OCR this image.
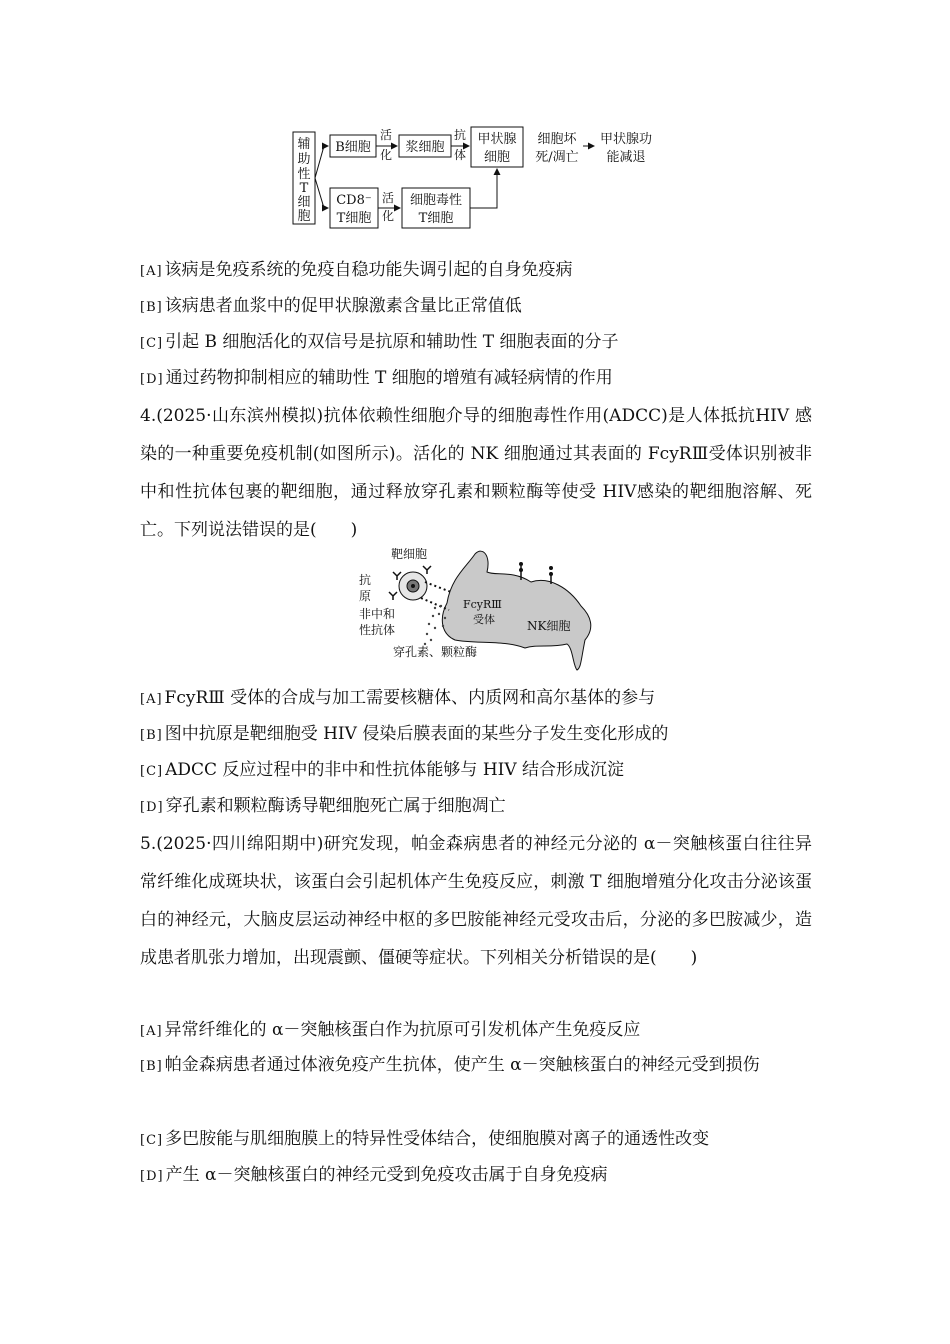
辅
助
性
T
细
胞
B细胞
活
化 浆细胞
抗
体
甲状腺
细胞
细胞坏
死/凋亡
甲状腺功
能减退
CD8⁻
T细胞
活
化
细胞毒性
T细胞
[A] 该病是免疫系统的免疫自稳功能失调引起的自身免疫病
[B] 该病患者血浆中的促甲状腺激素含量比正常值低
[C] 引起 B 细胞活化的双信号是抗原和辅助性 T 细胞表面的分子
[D] 通过药物抑制相应的辅助性 T 细胞的增殖有减轻病情的作用
4.(2025·山东滨州模拟)抗体依赖性细胞介导的细胞毒性作用(ADCC)是人体抵抗HIV 感染的一种重要免疫机制(如图所示)。活化的 NK 细胞通过其表面的 FcyRⅢ受体识别被非中和性抗体包裹的靶细胞，通过释放穿孔素和颗粒酶等使受 HIV感染的靶细胞溶解、死亡。下列说法错误的是(　　)
靶细胞
抗
原
非中和
性抗体
FcyRⅢ
受体	NK细胞
穿孔素、颗粒酶
[A] FcyRⅢ 受体的合成与加工需要核糖体、内质网和高尔基体的参与
[B] 图中抗原是靶细胞受 HIV 侵染后膜表面的某些分子发生变化形成的
[C] ADCC 反应过程中的非中和性抗体能够与 HIV 结合形成沉淀
[D] 穿孔素和颗粒酶诱导靶细胞死亡属于细胞凋亡
5.(2025·四川绵阳期中)研究发现，帕金森病患者的神经元分泌的 α－突触核蛋白往往异常纤维化成斑块状，该蛋白会引起机体产生免疫反应，刺激 T 细胞增殖分化攻击分泌该蛋白的神经元，大脑皮层运动神经中枢的多巴胺能神经元受攻击后，分泌的多巴胺减少，造成患者肌张力增加，出现震颤、僵硬等症状。下列相关分析错误的是(　　)
[A] 异常纤维化的 α－突触核蛋白作为抗原可引发机体产生免疫反应
[B] 帕金森病患者通过体液免疫产生抗体，使产生 α－突触核蛋白的神经元受到损伤
[C] 多巴胺能与肌细胞膜上的特异性受体结合，使细胞膜对离子的通透性改变
[D] 产生 α－突触核蛋白的神经元受到免疫攻击属于自身免疫病
